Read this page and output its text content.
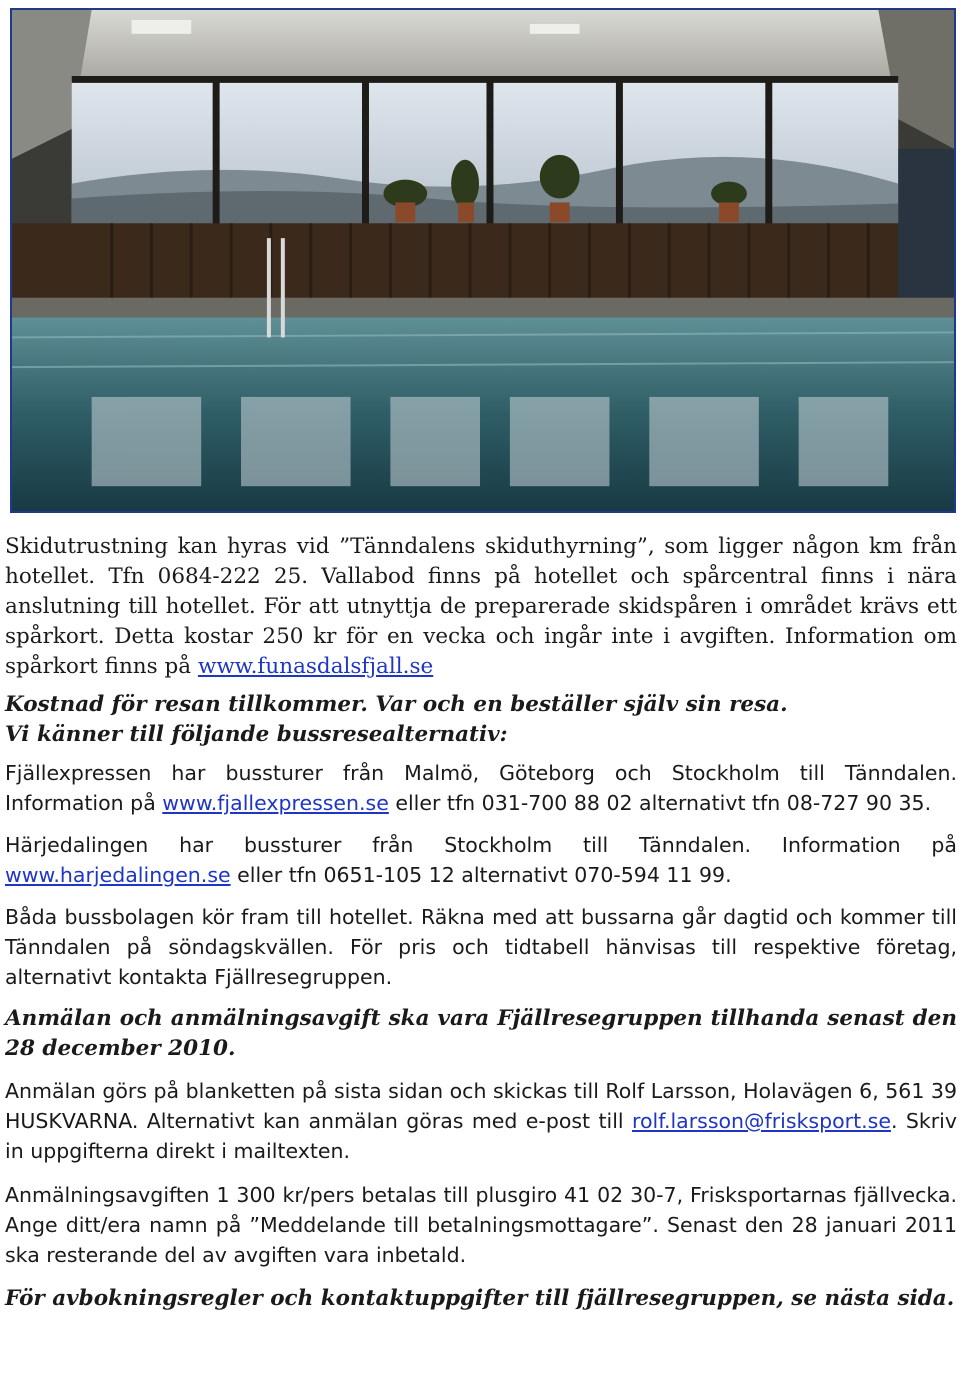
Skidutrustning kan hyras vid ”Tänndalens skiduthyrning”, som ligger någon km från hotellet. Tfn 0684-222 25. Vallabod finns på hotellet och spårcentral finns i nära anslutning till hotellet. För att utnyttja de preparerade skidspåren i området krävs ett spårkort. Detta kostar 250 kr för en vecka och ingår inte i avgiften. Information om spårkort finns på www.funasdalsfjall.se

Kostnad för resan tillkommer. Var och en beställer själv sin resa.

Vi känner till följande bussresealternativ:

Fjällexpressen har bussturer från Malmö, Göteborg och Stockholm till Tänndalen. Information på www.fjallexpressen.se eller tfn 031-700 88 02 alternativt tfn 08-727 90 35.

Härjedalingen har bussturer från Stockholm till Tänndalen. Information på www.harjedalingen.se eller tfn 0651-105 12 alternativt 070-594 11 99.

Båda bussbolagen kör fram till hotellet. Räkna med att bussarna går dagtid och kommer till Tänndalen på söndagskvällen. För pris och tidtabell hänvisas till respektive företag, alternativt kontakta Fjällresegruppen.

Anmälan och anmälningsavgift ska vara Fjällresegruppen tillhanda senast den 28 december 2010.

Anmälan görs på blanketten på sista sidan och skickas till Rolf Larsson, Holavägen 6, 561 39 HUSKVARNA. Alternativt kan anmälan göras med e-post till rolf.larsson@frisksport.se. Skriv in uppgifterna direkt i mailtexten.

Anmälningsavgiften 1 300 kr/pers betalas till plusgiro 41 02 30-7, Frisksportarnas fjällvecka. Ange ditt/era namn på ”Meddelande till betalningsmottagare”. Senast den 28 januari 2011 ska resterande del av avgiften vara inbetald.

För avbokningsregler och kontaktuppgifter till fjällresegruppen, se nästa sida.
